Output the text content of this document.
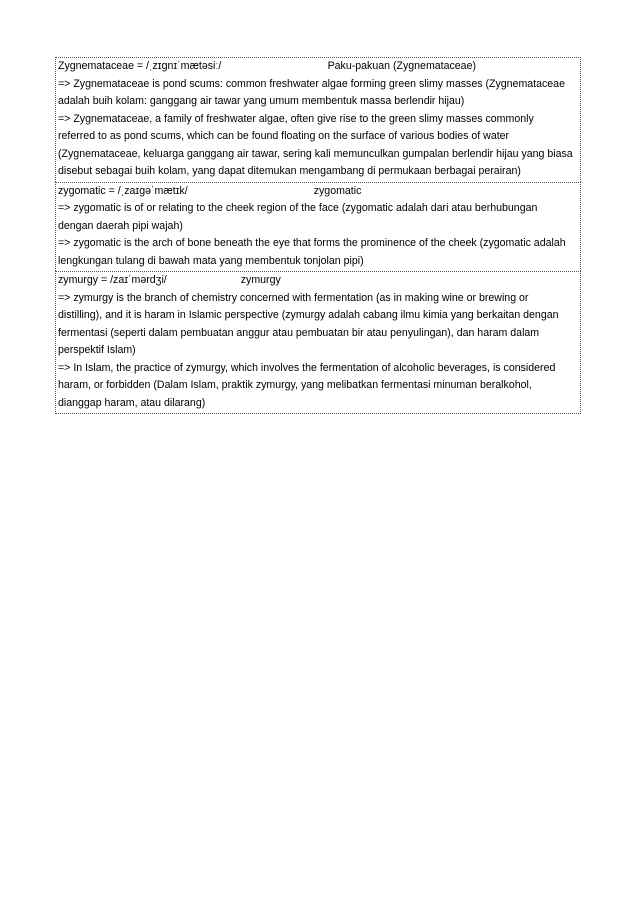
Zygnemataceae = /ˌzɪɡnɪˈmætəsiː/	Paku-pakuan (Zygnemataceae)
=> Zygnemataceae is pond scums: common freshwater algae forming green slimy masses (Zygnemataceae
adalah buih kolam: ganggang air tawar yang umum membentuk massa berlendir hijau)
=> Zygnemataceae, a family of freshwater algae, often give rise to the green slimy masses commonly
referred to as pond scums, which can be found floating on the surface of various bodies of water
(Zygnemataceae, keluarga ganggang air tawar, sering kali memunculkan gumpalan berlendir hijau yang biasa
disebut sebagai buih kolam, yang dapat ditemukan mengambang di permukaan berbagai perairan)
zygomatic = /ˌzaɪɡəˈmætɪk/	zygomatic
=> zygomatic is of or relating to the cheek region of the face (zygomatic adalah dari atau berhubungan
dengan daerah pipi wajah)
=> zygomatic is the arch of bone beneath the eye that forms the prominence of the cheek (zygomatic adalah
lengkungan tulang di bawah mata yang membentuk tonjolan pipi)
zymurgy = /zaɪˈmərdʒi/	zymurgy
=> zymurgy is the branch of chemistry concerned with fermentation (as in making wine or brewing or
distilling), and it is haram in Islamic perspective (zymurgy adalah cabang ilmu kimia yang berkaitan dengan
fermentasi (seperti dalam pembuatan anggur atau pembuatan bir atau penyulingan), dan haram dalam
perspektif Islam)
=> In Islam, the practice of zymurgy, which involves the fermentation of alcoholic beverages, is considered
haram, or forbidden (Dalam Islam, praktik zymurgy, yang melibatkan fermentasi minuman beralkohol,
dianggap haram, atau dilarang)
